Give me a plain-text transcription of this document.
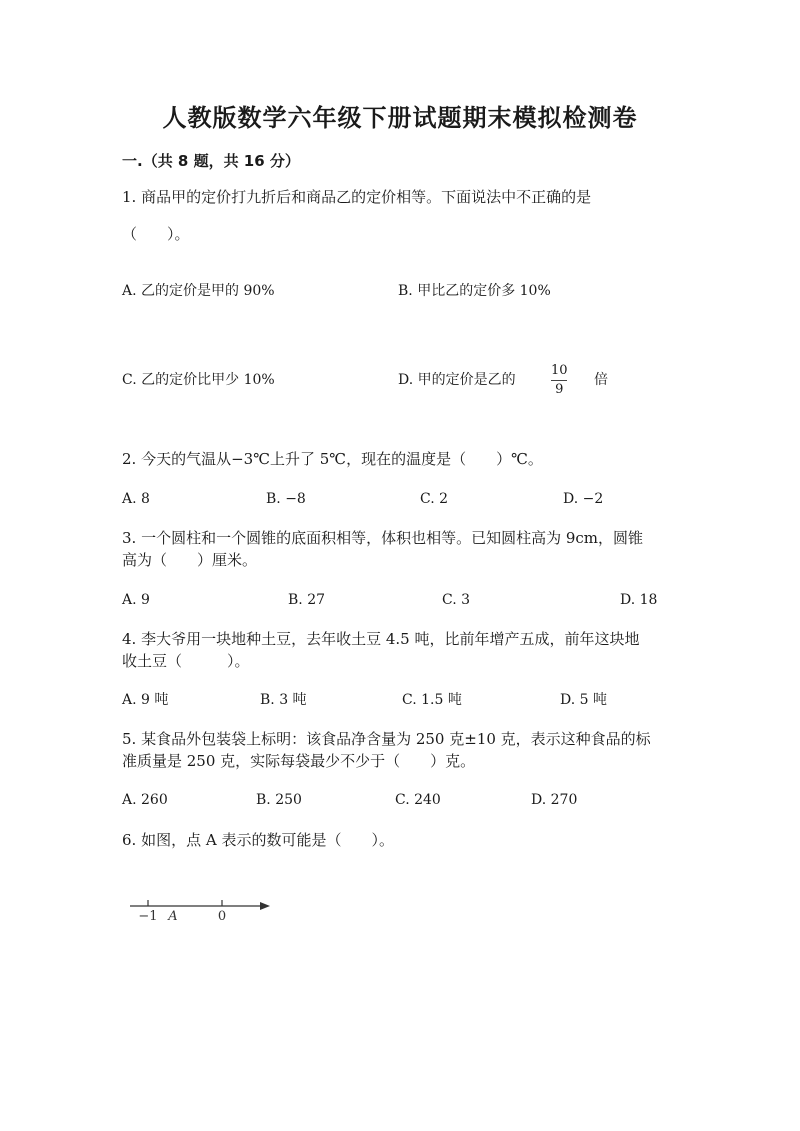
人教版数学六年级下册试题期末模拟检测卷
一.（共 8 题，共 16 分）
1. 商品甲的定价打九折后和商品乙的定价相等。下面说法中不正确的是
（　　）。
A. 乙的定价是甲的 90%	B. 甲比乙的定价多 10%
C. 乙的定价比甲少 10%	D. 甲的定价是乙的	$\frac{10}{9}$ 倍
2. 今天的气温从−3℃上升了 5℃，现在的温度是（　　）℃。
A. 8	B. −8	C. 2	D. −2
3. 一个圆柱和一个圆锥的底面积相等，体积也相等。已知圆柱高为 9cm，圆锥
高为（　　）厘米。
A. 9	B. 27	C. 3	D. 18
4. 李大爷用一块地种土豆，去年收土豆 4.5 吨，比前年增产五成，前年这块地
收土豆（　　　）。
A. 9 吨	B. 3 吨	C. 1.5 吨	D. 5 吨
5. 某食品外包装袋上标明：该食品净含量为 250 克±10 克，表示这种食品的标
准质量是 250 克，实际每袋最少不少于（　　）克。
A. 260	B. 250	C. 240	D. 270
6. 如图，点 A 表示的数可能是（　　）。
−1 A	0
